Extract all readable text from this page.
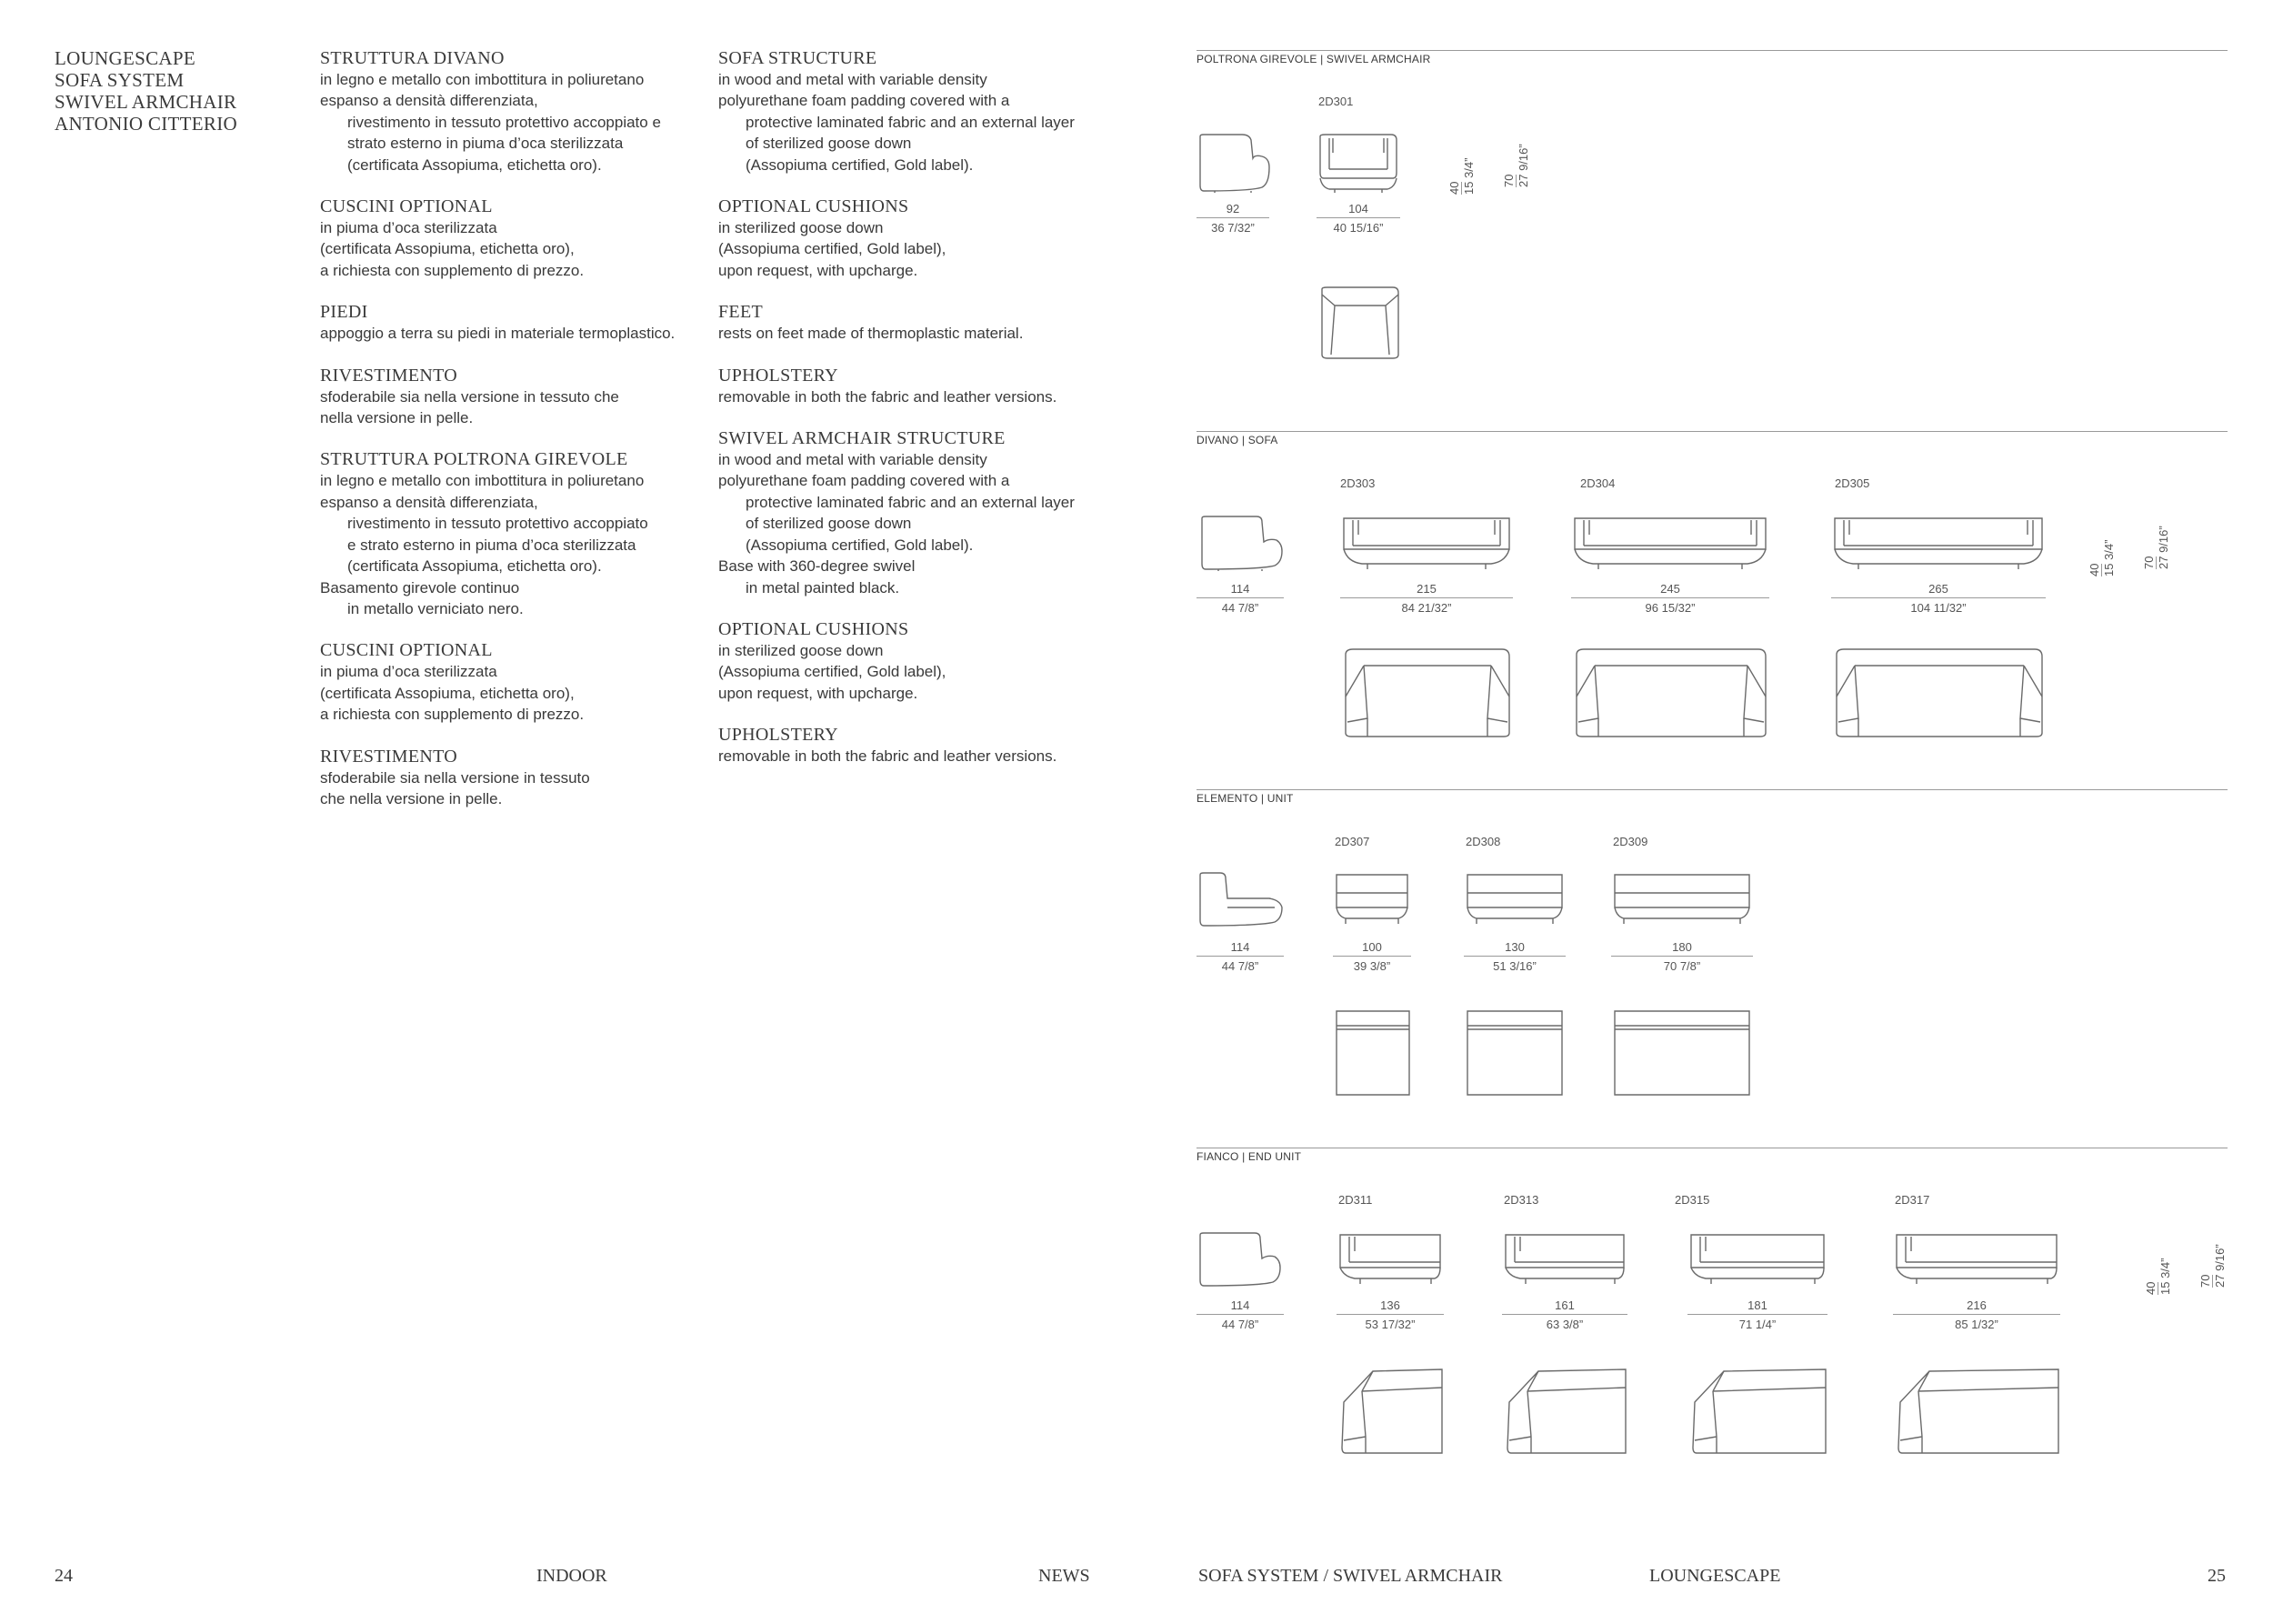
LOUNGESCAPE
SOFA SYSTEM
SWIVEL ARMCHAIR
ANTONIO CITTERIO
STRUTTURA DIVANO
in legno e metallo con imbottitura in poliuretano
espanso a densità differenziata,
rivestimento in tessuto protettivo accoppiato e
strato esterno in piuma d’oca sterilizzata
(certificata Assopiuma, etichetta oro).
CUSCINI OPTIONAL
in piuma d’oca sterilizzata
(certificata Assopiuma, etichetta oro),
a richiesta con supplemento di prezzo.
PIEDI
appoggio a terra su piedi in materiale termoplastico.
RIVESTIMENTO
sfoderabile sia nella versione in tessuto che
nella versione in pelle.
STRUTTURA POLTRONA GIREVOLE
in legno e metallo con imbottitura in poliuretano
espanso a densità differenziata,
rivestimento in tessuto protettivo accoppiato
e strato esterno in piuma d’oca sterilizzata
(certificata Assopiuma, etichetta oro).
Basamento girevole continuo
in metallo verniciato nero.
CUSCINI OPTIONAL
in piuma d’oca sterilizzata
(certificata Assopiuma, etichetta oro),
a richiesta con supplemento di prezzo.
RIVESTIMENTO
sfoderabile sia nella versione in tessuto
che nella versione in pelle.
SOFA STRUCTURE
in wood and metal with variable density
polyurethane foam padding covered with a
protective laminated fabric and an external layer
of sterilized goose down
(Assopiuma certified, Gold label).
OPTIONAL CUSHIONS
in sterilized goose down
(Assopiuma certified, Gold label),
upon request, with upcharge.
FEET
rests on feet made of thermoplastic material.
UPHOLSTERY
removable in both the fabric and leather versions.
SWIVEL ARMCHAIR STRUCTURE
in wood and metal with variable density
polyurethane foam padding covered with a
protective laminated fabric and an external layer
of sterilized goose down
(Assopiuma certified, Gold label).
Base with 360-degree swivel
in metal painted black.
OPTIONAL CUSHIONS
in sterilized goose down
(Assopiuma certified, Gold label),
upon request, with upcharge.
UPHOLSTERY
removable in both the fabric and leather versions.
24	INDOOR	NEWS	SOFA SYSTEM / SWIVEL ARMCHAIR	LOUNGESCAPE	25
POLTRONA GIREVOLE | SWIVEL ARMCHAIR
2D301
92
36 7/32”
104
40 15/16”
40
15 3/4” 70
27 9/16”
DIVANO | SOFA
2D303	2D304	2D305
114
44 7/8”
215
84 21/32”
245
96 15/32”
265
104 11/32”
40
15 3/4” 70
27 9/16”
ELEMENTO | UNIT
2D307	2D308	2D309
114
44 7/8”
100
39 3/8”
130
51 3/16”
180
70 7/8”
FIANCO | END UNIT
2D311	2D313	2D315	2D317
114
44 7/8”
136
53 17/32”
161
63 3/8”
181
71 1/4”
216
85 1/32”
40
15 3/4” 70
27 9/16”
